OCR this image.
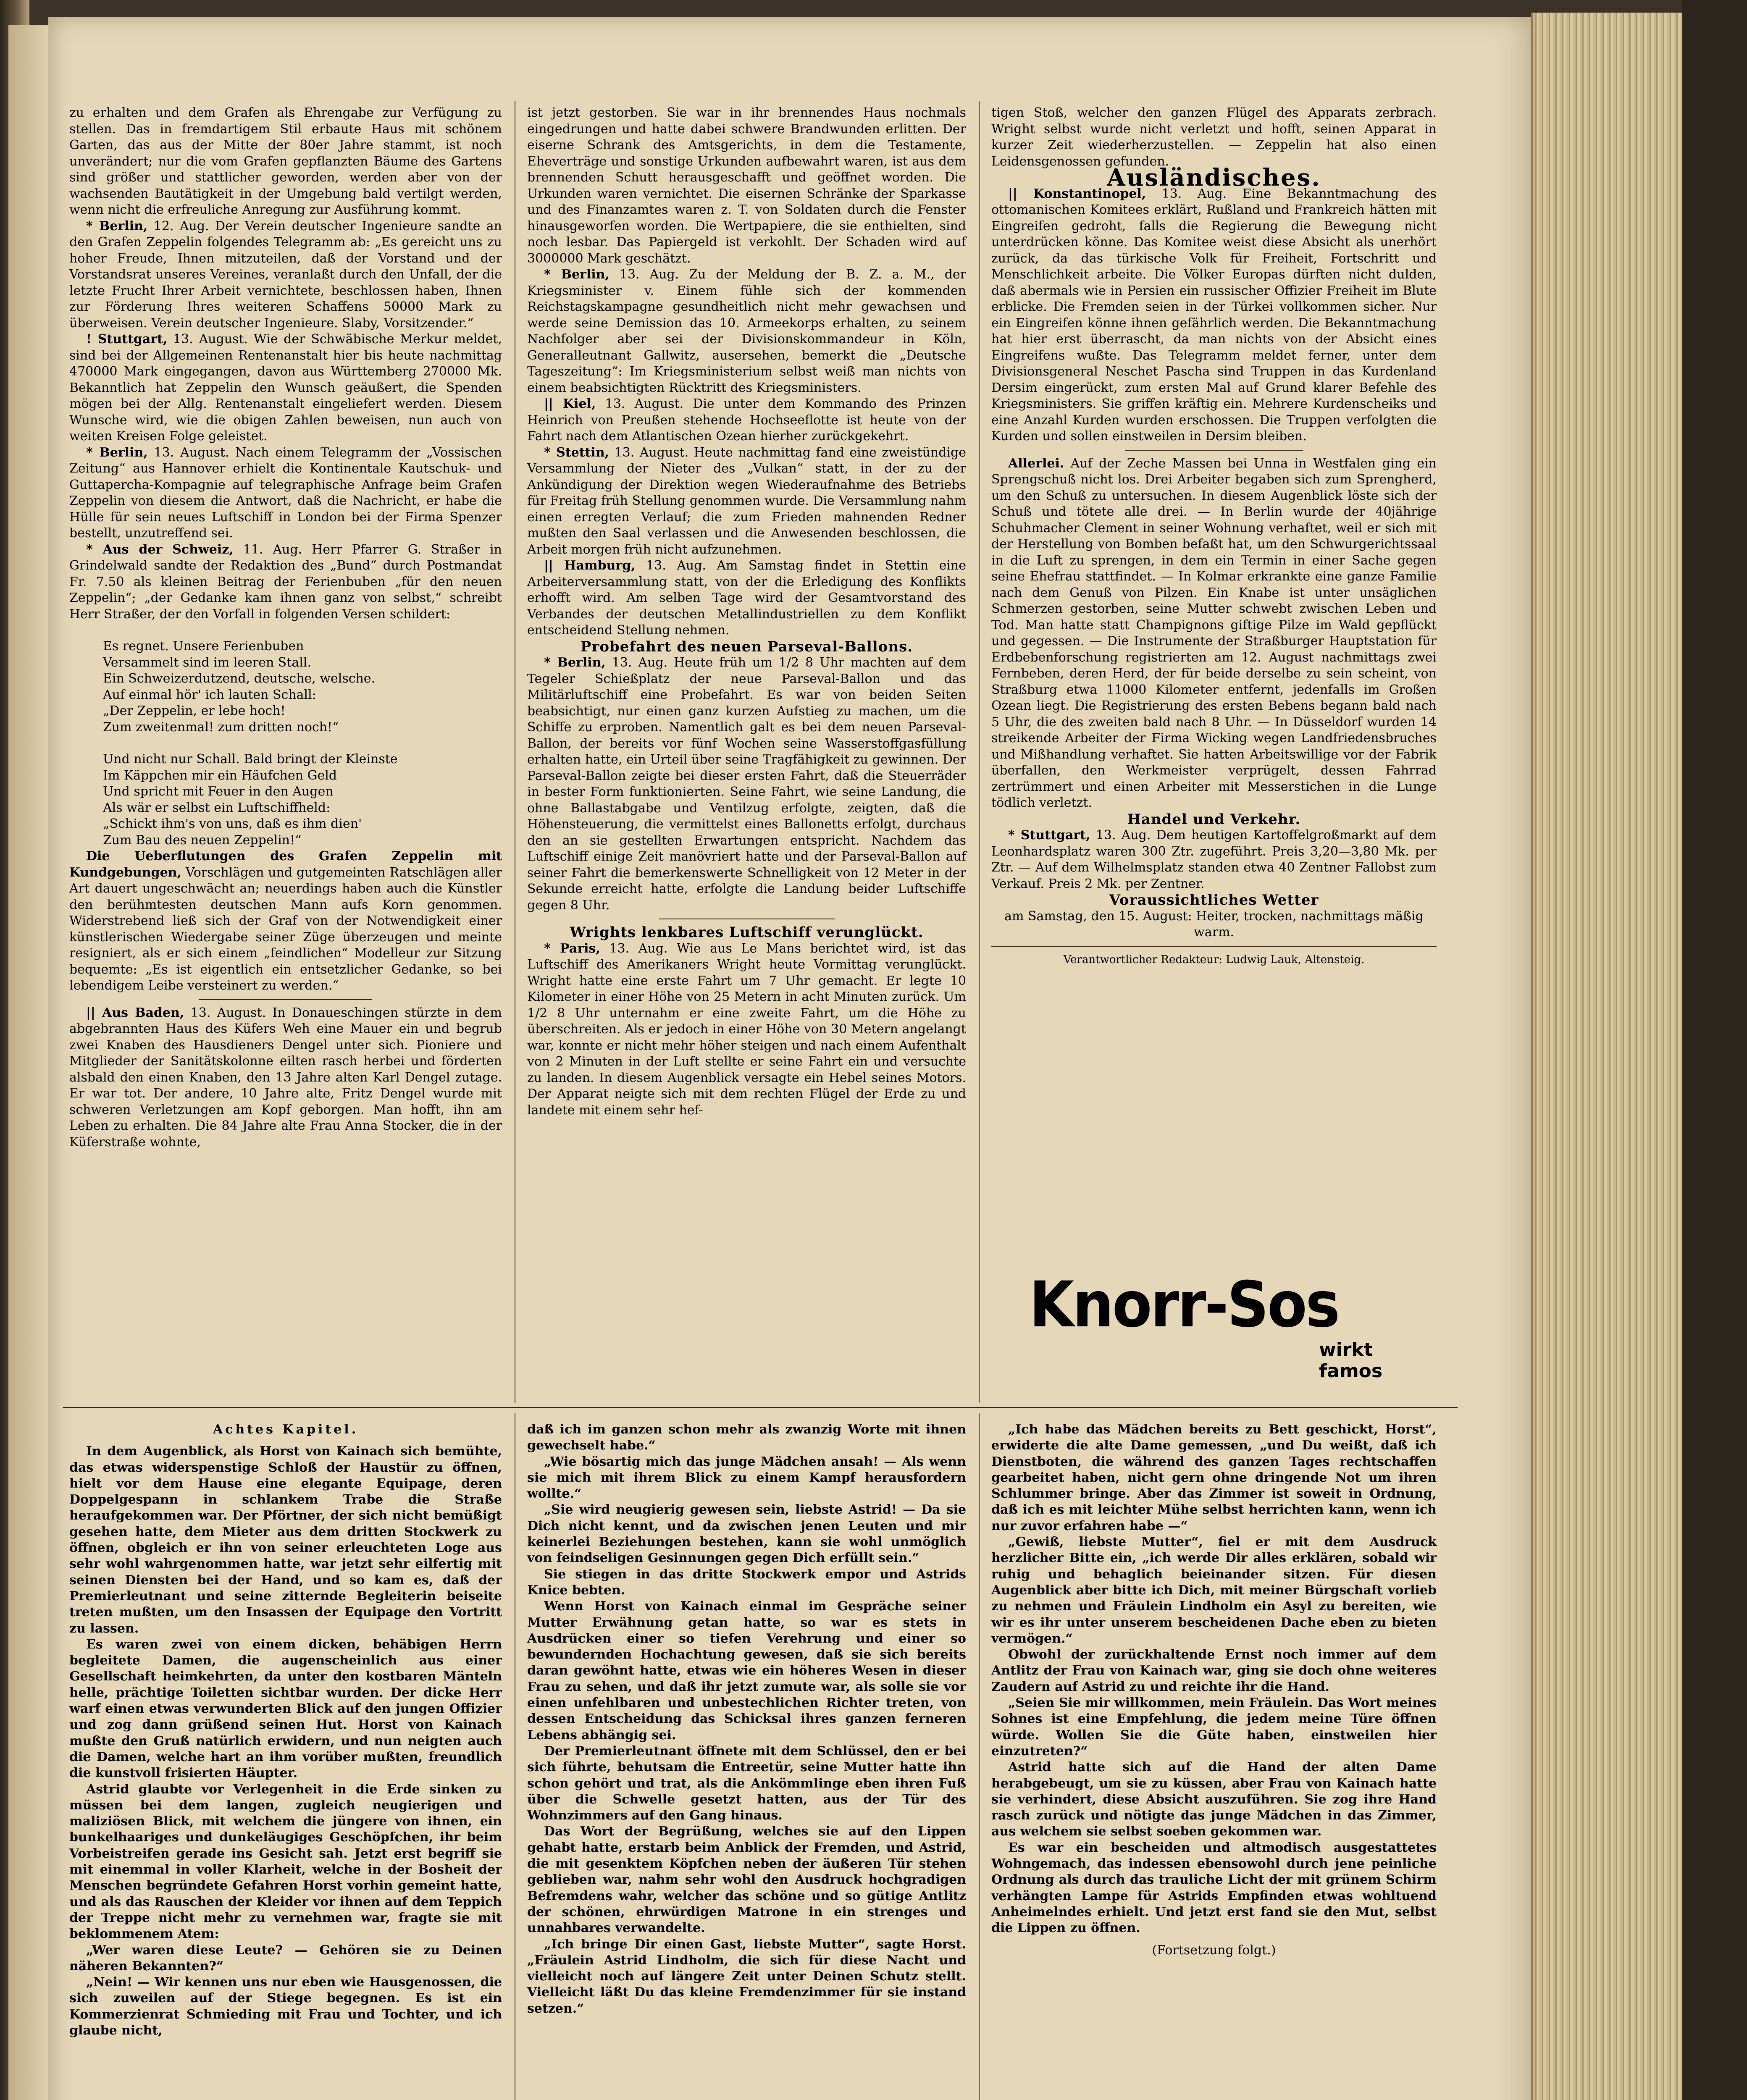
zu erhalten und dem Grafen als Ehrengabe zur Verfügung zu stellen. Das in fremdartigem Stil erbaute Haus mit schönem Garten, das aus der Mitte der 80er Jahre stammt, ist noch unverändert; nur die vom Grafen gepflanzten Bäume des Gartens sind größer und stattlicher geworden, werden aber von der wachsenden Bautätigkeit in der Umgebung bald vertilgt werden, wenn nicht die erfreuliche Anregung zur Ausführung kommt.

* Berlin, 12. Aug. Der Verein deutscher Ingenieure sandte an den Grafen Zeppelin folgendes Telegramm ab: „Es gereicht uns zu hoher Freude, Ihnen mitzuteilen, daß der Vorstand und der Vorstandsrat unseres Vereines, veranlaßt durch den Unfall, der die letzte Frucht Ihrer Arbeit vernichtete, beschlossen haben, Ihnen zur Förderung Ihres weiteren Schaffens 50000 Mark zu überweisen. Verein deutscher Ingenieure. Slaby, Vorsitzender.“

! Stuttgart, 13. August. Wie der Schwäbische Merkur meldet, sind bei der Allgemeinen Rentenanstalt hier bis heute nachmittag 470000 Mark eingegangen, davon aus Württemberg 270000 Mk. Bekanntlich hat Zeppelin den Wunsch geäußert, die Spenden mögen bei der Allg. Rentenanstalt eingeliefert werden. Diesem Wunsche wird, wie die obigen Zahlen beweisen, nun auch von weiten Kreisen Folge geleistet.

* Berlin, 13. August. Nach einem Telegramm der „Vossischen Zeitung“ aus Hannover erhielt die Kontinentale Kautschuk- und Guttapercha-Kompagnie auf telegraphische Anfrage beim Grafen Zeppelin von diesem die Antwort, daß die Nachricht, er habe die Hülle für sein neues Luftschiff in London bei der Firma Spenzer bestellt, unzutreffend sei.

* Aus der Schweiz, 11. Aug. Herr Pfarrer G. Straßer in Grindelwald sandte der Redaktion des „Bund“ durch Postmandat Fr. 7.50 als kleinen Beitrag der Ferienbuben „für den neuen Zeppelin“; „der Gedanke kam ihnen ganz von selbst,“ schreibt Herr Straßer, der den Vorfall in folgenden Versen schildert:

Es regnet. Unsere Ferienbuben

Versammelt sind im leeren Stall.

Ein Schweizerdutzend, deutsche, welsche.

Auf einmal hör' ich lauten Schall:

„Der Zeppelin, er lebe hoch!

Zum zweitenmal! zum dritten noch!“

Und nicht nur Schall. Bald bringt der Kleinste

Im Käppchen mir ein Häufchen Geld

Und spricht mit Feuer in den Augen

Als wär er selbst ein Luftschiffheld:

„Schickt ihm's von uns, daß es ihm dien'

Zum Bau des neuen Zeppelin!“

Die Ueberflutungen des Grafen Zeppelin mit Kundgebungen, Vorschlägen und gutgemeinten Ratschlägen aller Art dauert ungeschwächt an; neuerdings haben auch die Künstler den berühmtesten deutschen Mann aufs Korn genommen. Widerstrebend ließ sich der Graf von der Notwendigkeit einer künstlerischen Wiedergabe seiner Züge überzeugen und meinte resigniert, als er sich einem „feindlichen“ Modelleur zur Sitzung bequemte: „Es ist eigentlich ein entsetzlicher Gedanke, so bei lebendigem Leibe versteinert zu werden.“

|| Aus Baden, 13. August. In Donaueschingen stürzte in dem abgebrannten Haus des Küfers Weh eine Mauer ein und begrub zwei Knaben des Hausdieners Dengel unter sich. Pioniere und Mitglieder der Sanitätskolonne eilten rasch herbei und förderten alsbald den einen Knaben, den 13 Jahre alten Karl Dengel zutage. Er war tot. Der andere, 10 Jahre alte, Fritz Dengel wurde mit schweren Verletzungen am Kopf geborgen. Man hofft, ihn am Leben zu erhalten. Die 84 Jahre alte Frau Anna Stocker, die in der Küferstraße wohnte,

ist jetzt gestorben. Sie war in ihr brennendes Haus nochmals eingedrungen und hatte dabei schwere Brandwunden erlitten. Der eiserne Schrank des Amtsgerichts, in dem die Testamente, Eheverträge und sonstige Urkunden aufbewahrt waren, ist aus dem brennenden Schutt herausgeschafft und geöffnet worden. Die Urkunden waren vernichtet. Die eisernen Schränke der Sparkasse und des Finanzamtes waren z. T. von Soldaten durch die Fenster hinausgeworfen worden. Die Wertpapiere, die sie enthielten, sind noch lesbar. Das Papiergeld ist verkohlt. Der Schaden wird auf 3000000 Mark geschätzt.

* Berlin, 13. Aug. Zu der Meldung der B. Z. a. M., der Kriegsminister v. Einem fühle sich der kommenden Reichstagskampagne gesundheitlich nicht mehr gewachsen und werde seine Demission das 10. Armeekorps erhalten, zu seinem Nachfolger aber sei der Divisionskommandeur in Köln, Generalleutnant Gallwitz, ausersehen, bemerkt die „Deutsche Tageszeitung“: Im Kriegsministerium selbst weiß man nichts von einem beabsichtigten Rücktritt des Kriegsministers.

|| Kiel, 13. August. Die unter dem Kommando des Prinzen Heinrich von Preußen stehende Hochseeflotte ist heute von der Fahrt nach dem Atlantischen Ozean hierher zurückgekehrt.

* Stettin, 13. August. Heute nachmittag fand eine zweistündige Versammlung der Nieter des „Vulkan“ statt, in der zu der Ankündigung der Direktion wegen Wiederaufnahme des Betriebs für Freitag früh Stellung genommen wurde. Die Versammlung nahm einen erregten Verlauf; die zum Frieden mahnenden Redner mußten den Saal verlassen und die Anwesenden beschlossen, die Arbeit morgen früh nicht aufzunehmen.

|| Hamburg, 13. Aug. Am Samstag findet in Stettin eine Arbeiterversammlung statt, von der die Erledigung des Konflikts erhofft wird. Am selben Tage wird der Gesamtvorstand des Verbandes der deutschen Metallindustriellen zu dem Konflikt entscheidend Stellung nehmen.

Probefahrt des neuen Parseval-Ballons.

* Berlin, 13. Aug. Heute früh um 1/2 8 Uhr machten auf dem Tegeler Schießplatz der neue Parseval-Ballon und das Militärluftschiff eine Probefahrt. Es war von beiden Seiten beabsichtigt, nur einen ganz kurzen Aufstieg zu machen, um die Schiffe zu erproben. Namentlich galt es bei dem neuen Parseval-Ballon, der bereits vor fünf Wochen seine Wasserstoffgasfüllung erhalten hatte, ein Urteil über seine Tragfähigkeit zu gewinnen. Der Parseval-Ballon zeigte bei dieser ersten Fahrt, daß die Steuerräder in bester Form funktionierten. Seine Fahrt, wie seine Landung, die ohne Ballastabgabe und Ventilzug erfolgte, zeigten, daß die Höhensteuerung, die vermittelst eines Ballonetts erfolgt, durchaus den an sie gestellten Erwartungen entspricht. Nachdem das Luftschiff einige Zeit manövriert hatte und der Parseval-Ballon auf seiner Fahrt die bemerkenswerte Schnelligkeit von 12 Meter in der Sekunde erreicht hatte, erfolgte die Landung beider Luftschiffe gegen 8 Uhr.

Wrights lenkbares Luftschiff verunglückt.

* Paris, 13. Aug. Wie aus Le Mans berichtet wird, ist das Luftschiff des Amerikaners Wright heute Vormittag verunglückt. Wright hatte eine erste Fahrt um 7 Uhr gemacht. Er legte 10 Kilometer in einer Höhe von 25 Metern in acht Minuten zurück. Um 1/2 8 Uhr unternahm er eine zweite Fahrt, um die Höhe zu überschreiten. Als er jedoch in einer Höhe von 30 Metern angelangt war, konnte er nicht mehr höher steigen und nach einem Aufenthalt von 2 Minuten in der Luft stellte er seine Fahrt ein und versuchte zu landen. In diesem Augenblick versagte ein Hebel seines Motors. Der Apparat neigte sich mit dem rechten Flügel der Erde zu und landete mit einem sehr hef-

tigen Stoß, welcher den ganzen Flügel des Apparats zerbrach. Wright selbst wurde nicht verletzt und hofft, seinen Apparat in kurzer Zeit wiederherzustellen. — Zeppelin hat also einen Leidensgenossen gefunden.

Ausländisches.

|| Konstantinopel, 13. Aug. Eine Bekanntmachung des ottomanischen Komitees erklärt, Rußland und Frankreich hätten mit Eingreifen gedroht, falls die Regierung die Bewegung nicht unterdrücken könne. Das Komitee weist diese Absicht als unerhört zurück, da das türkische Volk für Freiheit, Fortschritt und Menschlichkeit arbeite. Die Völker Europas dürften nicht dulden, daß abermals wie in Persien ein russischer Offizier Freiheit im Blute erblicke. Die Fremden seien in der Türkei vollkommen sicher. Nur ein Eingreifen könne ihnen gefährlich werden. Die Bekanntmachung hat hier erst überrascht, da man nichts von der Absicht eines Eingreifens wußte. Das Telegramm meldet ferner, unter dem Divisionsgeneral Neschet Pascha sind Truppen in das Kurdenland Dersim eingerückt, zum ersten Mal auf Grund klarer Befehle des Kriegsministers. Sie griffen kräftig ein. Mehrere Kurdenscheiks und eine Anzahl Kurden wurden erschossen. Die Truppen verfolgten die Kurden und sollen einstweilen in Dersim bleiben.

Allerlei. Auf der Zeche Massen bei Unna in Westfalen ging ein Sprengschuß nicht los. Drei Arbeiter begaben sich zum Sprengherd, um den Schuß zu untersuchen. In diesem Augenblick löste sich der Schuß und tötete alle drei. — In Berlin wurde der 40jährige Schuhmacher Clement in seiner Wohnung verhaftet, weil er sich mit der Herstellung von Bomben befaßt hat, um den Schwurgerichtssaal in die Luft zu sprengen, in dem ein Termin in einer Sache gegen seine Ehefrau stattfindet. — In Kolmar erkrankte eine ganze Familie nach dem Genuß von Pilzen. Ein Knabe ist unter unsäglichen Schmerzen gestorben, seine Mutter schwebt zwischen Leben und Tod. Man hatte statt Champignons giftige Pilze im Wald gepflückt und gegessen. — Die Instrumente der Straßburger Hauptstation für Erdbebenforschung registrierten am 12. August nachmittags zwei Fernbeben, deren Herd, der für beide derselbe zu sein scheint, von Straßburg etwa 11000 Kilometer entfernt, jedenfalls im Großen Ozean liegt. Die Registrierung des ersten Bebens begann bald nach 5 Uhr, die des zweiten bald nach 8 Uhr. — In Düsseldorf wurden 14 streikende Arbeiter der Firma Wicking wegen Landfriedensbruches und Mißhandlung verhaftet. Sie hatten Arbeitswillige vor der Fabrik überfallen, den Werkmeister verprügelt, dessen Fahrrad zertrümmert und einen Arbeiter mit Messerstichen in die Lunge tödlich verletzt.

Handel und Verkehr.

* Stuttgart, 13. Aug. Dem heutigen Kartoffelgroßmarkt auf dem Leonhardsplatz waren 300 Ztr. zugeführt. Preis 3,20—3,80 Mk. per Ztr. — Auf dem Wilhelmsplatz standen etwa 40 Zentner Fallobst zum Verkauf. Preis 2 Mk. per Zentner.

Voraussichtliches Wetter

am Samstag, den 15. August: Heiter, trocken, nachmittags mäßig warm.

Verantwortlicher Redakteur: Ludwig Lauk, Altensteig.

Knorr-Sos
wirkt famos

Achtes Kapitel.

In dem Augenblick, als Horst von Kainach sich bemühte, das etwas widerspenstige Schloß der Haustür zu öffnen, hielt vor dem Hause eine elegante Equipage, deren Doppelgespann in schlankem Trabe die Straße heraufgekommen war. Der Pförtner, der sich nicht bemüßigt gesehen hatte, dem Mieter aus dem dritten Stockwerk zu öffnen, obgleich er ihn von seiner erleuchteten Loge aus sehr wohl wahrgenommen hatte, war jetzt sehr eilfertig mit seinen Diensten bei der Hand, und so kam es, daß der Premierleutnant und seine zitternde Begleiterin beiseite treten mußten, um den Insassen der Equipage den Vortritt zu lassen.

Es waren zwei von einem dicken, behäbigen Herrn begleitete Damen, die augenscheinlich aus einer Gesellschaft heimkehrten, da unter den kostbaren Mänteln helle, prächtige Toiletten sichtbar wurden. Der dicke Herr warf einen etwas verwunderten Blick auf den jungen Offizier und zog dann grüßend seinen Hut. Horst von Kainach mußte den Gruß natürlich erwidern, und nun neigten auch die Damen, welche hart an ihm vorüber mußten, freundlich die kunstvoll frisierten Häupter.

Astrid glaubte vor Verlegenheit in die Erde sinken zu müssen bei dem langen, zugleich neugierigen und maliziösen Blick, mit welchem die jüngere von ihnen, ein bunkelhaariges und dunkeläugiges Geschöpfchen, ihr beim Vorbeistreifen gerade ins Gesicht sah. Jetzt erst begriff sie mit einemmal in voller Klarheit, welche in der Bosheit der Menschen begründete Gefahren Horst vorhin gemeint hatte, und als das Rauschen der Kleider vor ihnen auf dem Teppich der Treppe nicht mehr zu vernehmen war, fragte sie mit beklommenem Atem:

„Wer waren diese Leute? — Gehören sie zu Deinen näheren Bekannten?“

„Nein! — Wir kennen uns nur eben wie Hausgenossen, die sich zuweilen auf der Stiege begegnen. Es ist ein Kommerzienrat Schmieding mit Frau und Tochter, und ich glaube nicht,

daß ich im ganzen schon mehr als zwanzig Worte mit ihnen gewechselt habe.“

„Wie bösartig mich das junge Mädchen ansah! — Als wenn sie mich mit ihrem Blick zu einem Kampf herausfordern wollte.“

„Sie wird neugierig gewesen sein, liebste Astrid! — Da sie Dich nicht kennt, und da zwischen jenen Leuten und mir keinerlei Beziehungen bestehen, kann sie wohl unmöglich von feindseligen Gesinnungen gegen Dich erfüllt sein.“

Sie stiegen in das dritte Stockwerk empor und Astrids Knice bebten.

Wenn Horst von Kainach einmal im Gespräche seiner Mutter Erwähnung getan hatte, so war es stets in Ausdrücken einer so tiefen Verehrung und einer so bewundernden Hochachtung gewesen, daß sie sich bereits daran gewöhnt hatte, etwas wie ein höheres Wesen in dieser Frau zu sehen, und daß ihr jetzt zumute war, als solle sie vor einen unfehlbaren und unbestechlichen Richter treten, von dessen Entscheidung das Schicksal ihres ganzen ferneren Lebens abhängig sei.

Der Premierleutnant öffnete mit dem Schlüssel, den er bei sich führte, behutsam die Entreetür, seine Mutter hatte ihn schon gehört und trat, als die Ankömmlinge eben ihren Fuß über die Schwelle gesetzt hatten, aus der Tür des Wohnzimmers auf den Gang hinaus.

Das Wort der Begrüßung, welches sie auf den Lippen gehabt hatte, erstarb beim Anblick der Fremden, und Astrid, die mit gesenktem Köpfchen neben der äußeren Tür stehen geblieben war, nahm sehr wohl den Ausdruck hochgradigen Befremdens wahr, welcher das schöne und so gütige Antlitz der schönen, ehrwürdigen Matrone in ein strenges und unnahbares verwandelte.

„Ich bringe Dir einen Gast, liebste Mutter“, sagte Horst. „Fräulein Astrid Lindholm, die sich für diese Nacht und vielleicht noch auf längere Zeit unter Deinen Schutz stellt. Vielleicht läßt Du das kleine Fremdenzimmer für sie instand setzen.“

„Ich habe das Mädchen bereits zu Bett geschickt, Horst“, erwiderte die alte Dame gemessen, „und Du weißt, daß ich Dienstboten, die während des ganzen Tages rechtschaffen gearbeitet haben, nicht gern ohne dringende Not um ihren Schlummer bringe. Aber das Zimmer ist soweit in Ordnung, daß ich es mit leichter Mühe selbst herrichten kann, wenn ich nur zuvor erfahren habe —“

„Gewiß, liebste Mutter“, fiel er mit dem Ausdruck herzlicher Bitte ein, „ich werde Dir alles erklären, sobald wir ruhig und behaglich beieinander sitzen. Für diesen Augenblick aber bitte ich Dich, mit meiner Bürgschaft vorlieb zu nehmen und Fräulein Lindholm ein Asyl zu bereiten, wie wir es ihr unter unserem bescheidenen Dache eben zu bieten vermögen.“

Obwohl der zurückhaltende Ernst noch immer auf dem Antlitz der Frau von Kainach war, ging sie doch ohne weiteres Zaudern auf Astrid zu und reichte ihr die Hand.

„Seien Sie mir willkommen, mein Fräulein. Das Wort meines Sohnes ist eine Empfehlung, die jedem meine Türe öffnen würde. Wollen Sie die Güte haben, einstweilen hier einzutreten?“

Astrid hatte sich auf die Hand der alten Dame herabgebeugt, um sie zu küssen, aber Frau von Kainach hatte sie verhindert, diese Absicht auszuführen. Sie zog ihre Hand rasch zurück und nötigte das junge Mädchen in das Zimmer, aus welchem sie selbst soeben gekommen war.

Es war ein bescheiden und altmodisch ausgestattetes Wohngemach, das indessen ebensowohl durch jene peinliche Ordnung als durch das trauliche Licht der mit grünem Schirm verhängten Lampe für Astrids Empfinden etwas wohltuend Anheimelndes erhielt. Und jetzt erst fand sie den Mut, selbst die Lippen zu öffnen.

(Fortsetzung folgt.)
